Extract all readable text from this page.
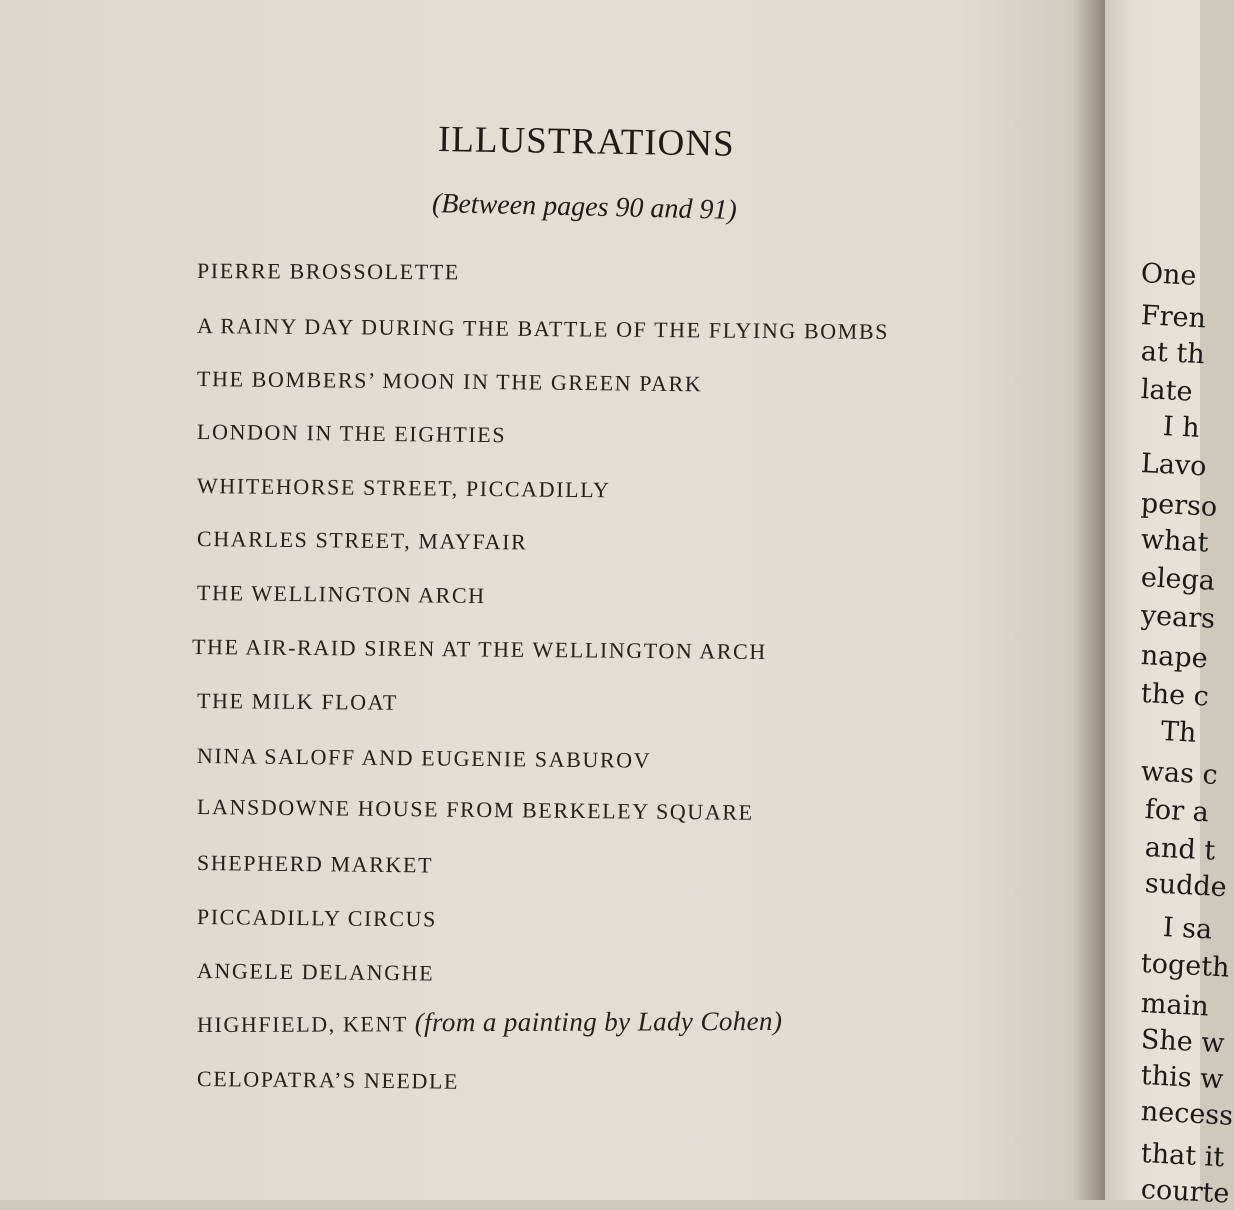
ILLUSTRATIONS
(Between pages 90 and 91)
PIERRE BROSSOLETTE
A RAINY DAY DURING THE BATTLE OF THE FLYING BOMBS
THE BOMBERS’ MOON IN THE GREEN PARK
LONDON IN THE EIGHTIES
WHITEHORSE STREET, PICCADILLY
CHARLES STREET, MAYFAIR
THE WELLINGTON ARCH
THE AIR-RAID SIREN AT THE WELLINGTON ARCH
THE MILK FLOAT
NINA SALOFF AND EUGENIE SABUROV
LANSDOWNE HOUSE FROM BERKELEY SQUARE
SHEPHERD MARKET
PICCADILLY CIRCUS
ANGELE DELANGHE
HIGHFIELD, KENT (from a painting by Lady Cohen)
CELOPATRA’S NEEDLE
One
Fren
at th
late
I h
Lavo
perso
what
elega
years
nape
the c
Th
was c
for a
and t
sudde
I sa
togeth
main
She w
this w
necess
that it
courte
